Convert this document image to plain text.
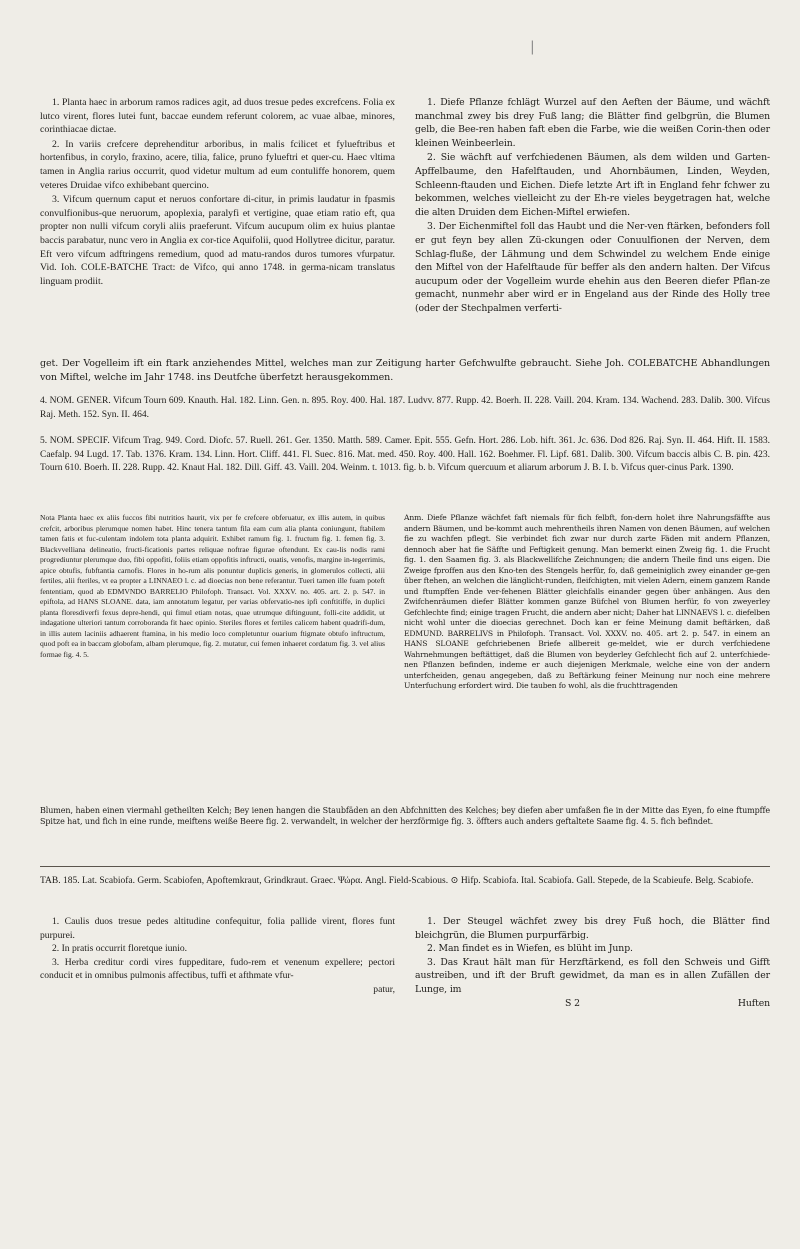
|

1. Planta haec in arborum ramos radices agit, ad duos tresue pedes excrefcens. Folia ex lutco virent, flores lutei funt, baccae eundem referunt colorem, ac vuae albae, minores, corinthiacae dictae.

2. In variis crefcere deprehenditur arboribus, in malis fcilicet et fylueftribus et hortenfibus, in corylo, fraxino, acere, tilia, falice, pruno fylueftri et quer-cu. Haec vltima tamen in Anglia rarius occurrit, quod videtur multum ad eum contuliffe honorem, quem veteres Druidae vifco exhibebant quercino.

3. Vifcum quernum caput et neruos confortare di-citur, in primis laudatur in fpasmis convulfionibus-que neruorum, apoplexia, paralyfi et vertigine, quae etiam ratio eft, qua propter non nulli vifcum coryli aliis praeferunt. Vifcum aucupum olim ex huius plantae baccis parabatur, nunc vero in Anglia ex cor-tice Aquifolii, quod Hollytree dicitur, paratur. Eft vero vifcum adftringens remedium, quod ad matu-randos duros tumores vfurpatur. Vid. Ioh. COLE-BATCHE Tract: de Vifco, qui anno 1748. in germa-nicam translatus linguam prodiit.

1. Diefe Pflanze fchlägt Wurzel auf den Aeften der Bäume, und wächft manchmal zwey bis drey Fuß lang; die Blätter find gelbgrün, die Blumen gelb, die Bee-ren haben faft eben die Farbe, wie die weißen Corin-then oder kleinen Weinbeerlein.

2. Sie wächft auf verfchiedenen Bäumen, als dem wilden und Garten-Apffelbaume, den Hafelftauden, und Ahornbäumen, Linden, Weyden, Schleenn-ftauden und Eichen. Diefe letzte Art ift in England fehr fchwer zu bekommen, welches vielleicht zu der Eh-re vieles beygetragen hat, welche die alten Druiden dem Eichen-Miftel erwiefen.

3. Der Eichenmiftel foll das Haubt und die Ner-ven ftärken, befonders foll er gut feyn bey allen Zü-ckungen oder Conuulfionen der Nerven, dem Schlag-fluße, der Lähmung und dem Schwindel zu welchem Ende einige den Miftel von der Hafelftaude für beffer als den andern halten. Der Vifcus aucupum oder der Vogelleim wurde ehehin aus den Beeren diefer Pflan-ze gemacht, nunmehr aber wird er in Engeland aus der Rinde des Holly tree (oder der Stechpalmen verferti-

get. Der Vogelleim ift ein ftark anziehendes Mittel, welches man zur Zeitigung harter Gefchwulfte gebraucht. Siehe Joh. COLEBATCHE Abhandlungen von Miftel, welche im Jahr 1748. ins Deutfche überfetzt herausgekommen.
4. NOM. GENER. Vifcum Tourn 609. Knauth. Hal. 182. Linn. Gen. n. 895. Roy. 400. Hal. 187. Ludvv. 877. Rupp. 42. Boerh. II. 228. Vaill. 204. Kram. 134. Wachend. 283. Dalib. 300. Vifcus Raj. Meth. 152. Syn. II. 464.
5. NOM. SPECIF. Vifcum Trag. 949. Cord. Diofc. 57. Ruell. 261. Ger. 1350. Matth. 589. Camer. Epit. 555. Gefn. Hort. 286. Lob. hift. 361. Jc. 636. Dod 826. Raj. Syn. II. 464. Hift. II. 1583. Caefalp. 94 Lugd. 17. Tab. 1376. Kram. 134. Linn. Hort. Cliff. 441. Fl. Suec. 816. Mat. med. 450. Roy. 400. Hall. 162. Boehmer. Fl. Lipf. 681. Dalib. 300. Vifcum baccis albis C. B. pin. 423. Tourn 610. Boerh. II. 228. Rupp. 42. Knaut Hal. 182. Dill. Giff. 43. Vaill. 204. Weinm. t. 1013. fig. b. b. Vifcum quercuum et aliarum arborum J. B. I. b. Vifcus quer-cinus Park. 1390.
Nota Planta haec ex aliis fuccos fibi nutritios haurit, vix per fe crefcere obferuatur, ex illis autem, in quibus crefcit, arboribus plerumque nomen habet. Hinc tenera tantum fila eam cum alia planta coniungunt, ftabilem tamen fatis et fuc-culentam indolem tota planta adquirit. Exhibet ramum fig. 1. fructum fig. 1. femen fig. 3. Blackvvelliana delineatio, fructi-ficationis partes reliquae noftrae figurae oftendunt. Ex cau-lis nodis rami progrediuntur plerumque duo, fibi oppofiti, foliis etiam oppofitis inftructi, ouatis, venofis, margine in-tegerrimis, apice obtufis, fubftantia carnofis. Flores in ho-rum alis ponuntur duplicis generis, in glomerulos collecti, alii fertiles, alii fteriles, vt ea propter a LINNAEO l. c. ad dioecias non bene referantur. Tueri tamen ille fuam poteft fententiam, quod ab EDMVNDO BARRELIO Philofoph. Transact. Vol. XXXV. no. 405. art. 2. p. 547. in epiftola, ad HANS SLOANE. data, iam annotatum legatur, per varias obfervatio-nes ipfi conftitiffe, in duplici planta floresdiverfi fexus depre-hendi, qui fimul etiam notas, quae utrumque diftinguunt, folli-cite addidit, ut indagatione ulteriori tantum corroboranda fit haec opinio. Steriles flores et fertiles calicem habent quadrifi-dum, in illis autem laciniis adhaerent ftamina, in his medio loco completuntur ouarium ftigmate obtufo inftructum, quod poft ea in baccam globofam, albam plerumque, fig. 2. mutatur, cui femen inhaeret cordatum fig. 3. vel alius formae fig. 4. 5.
Anm. Diefe Pflanze wächfet faft niemals für fich felbft, fon-dern holet ihre Nahrungsfäffte aus andern Bäumen, und be-kommt auch mehrentheils ihren Namen von denen Bäumen, auf welchen fie zu wachfen pflegt. Sie verbindet fich zwar nur durch zarte Fäden mit andern Pflanzen, dennoch aber hat fie Säffte und Feftigkeit genung. Man bemerkt einen Zweig fig. 1. die Frucht fig. 1. den Saamen fig. 3. als Blackwellifche Zeichnungen; die andern Theile find uns eigen. Die Zweige fproffen aus den Kno-ten des Stengels herfür, fo, daß gemeiniglich zwey einander ge-gen über ftehen, an welchen die länglicht-runden, fleifchigten, mit vielen Adern, einem ganzem Rande und ftumpffen Ende ver-fehenen Blätter gleichfalls einander gegen über anhängen. Aus den Zwifchenräumen diefer Blätter kommen ganze Büfchel von Blumen herfür, fo von zweyerley Gefchlechte find; einige tragen Frucht, die andern aber nicht; Daher hat LINNAEVS l. c. diefelben nicht wohl unter die dioecias gerechnet. Doch kan er feine Meinung damit beftärken, daß EDMUND. BARRELIVS in Philofoph. Transact. Vol. XXXV. no. 405. art 2. p. 547. in einem an HANS SLOANE gefchriebenen Briefe allbereit ge-meldet, wie er durch verfchiedene Wahrnehmungen beftättiget, daß die Blumen von beyderley Gefchlecht fich auf 2. unterfchiede-nen Pflanzen befinden, indeme er auch diejenigen Merkmale, welche eine von der andern unterfcheiden, genau angegeben, daß zu Beftärkung feiner Meinung nur noch eine mehrere Unterfuchung erfordert wird. Die tauben fo wohl, als die fruchttragenden
Blumen, haben einen viermahl getheilten Kelch; Bey ienen hangen die Staubfäden an den Abfchnitten des Kelches; bey diefen aber umfaßen fie in der Mitte das Eyen, fo eine ftumpffe Spitze hat, und fich in eine runde, meiftens weiße Beere fig. 2. verwandelt, in welcher der herzförmige fig. 3. öffters auch anders geftaltete Saame fig. 4. 5. fich befindet.
TAB. 185. Lat. Scabiofa. Germ. Scabiofen, Apoftemkraut, Grindkraut. Graec. Ψώρα. Angl. Field-Scabious. ⊙ Hifp. Scabiofa. Ital. Scabiofa. Gall. Stepede, de la Scabieufe. Belg. Scabiofe.
1. Caulis duos tresue pedes altitudine confequitur, folia pallide virent, flores funt purpurei.
2. In pratis occurrit floretque iunio.
3. Herba creditur cordi vires fuppeditare, fudo-rem et venenum expellere; pectori conducit et in omnibus pulmonis affectibus, tuffi et afthmate vfur-
patur,
1. Der Steugel wächfet zwey bis drey Fuß hoch, die Blätter find bleichgrün, die Blumen purpurfärbig.
2. Man findet es in Wiefen, es blüht im Junp.
3. Das Kraut hält man für Herzftärkend, es foll den Schweis und Gifft austreiben, und ift der Bruft gewidmet, da man es in allen Zufällen der Lunge, im
S 2	Huften
